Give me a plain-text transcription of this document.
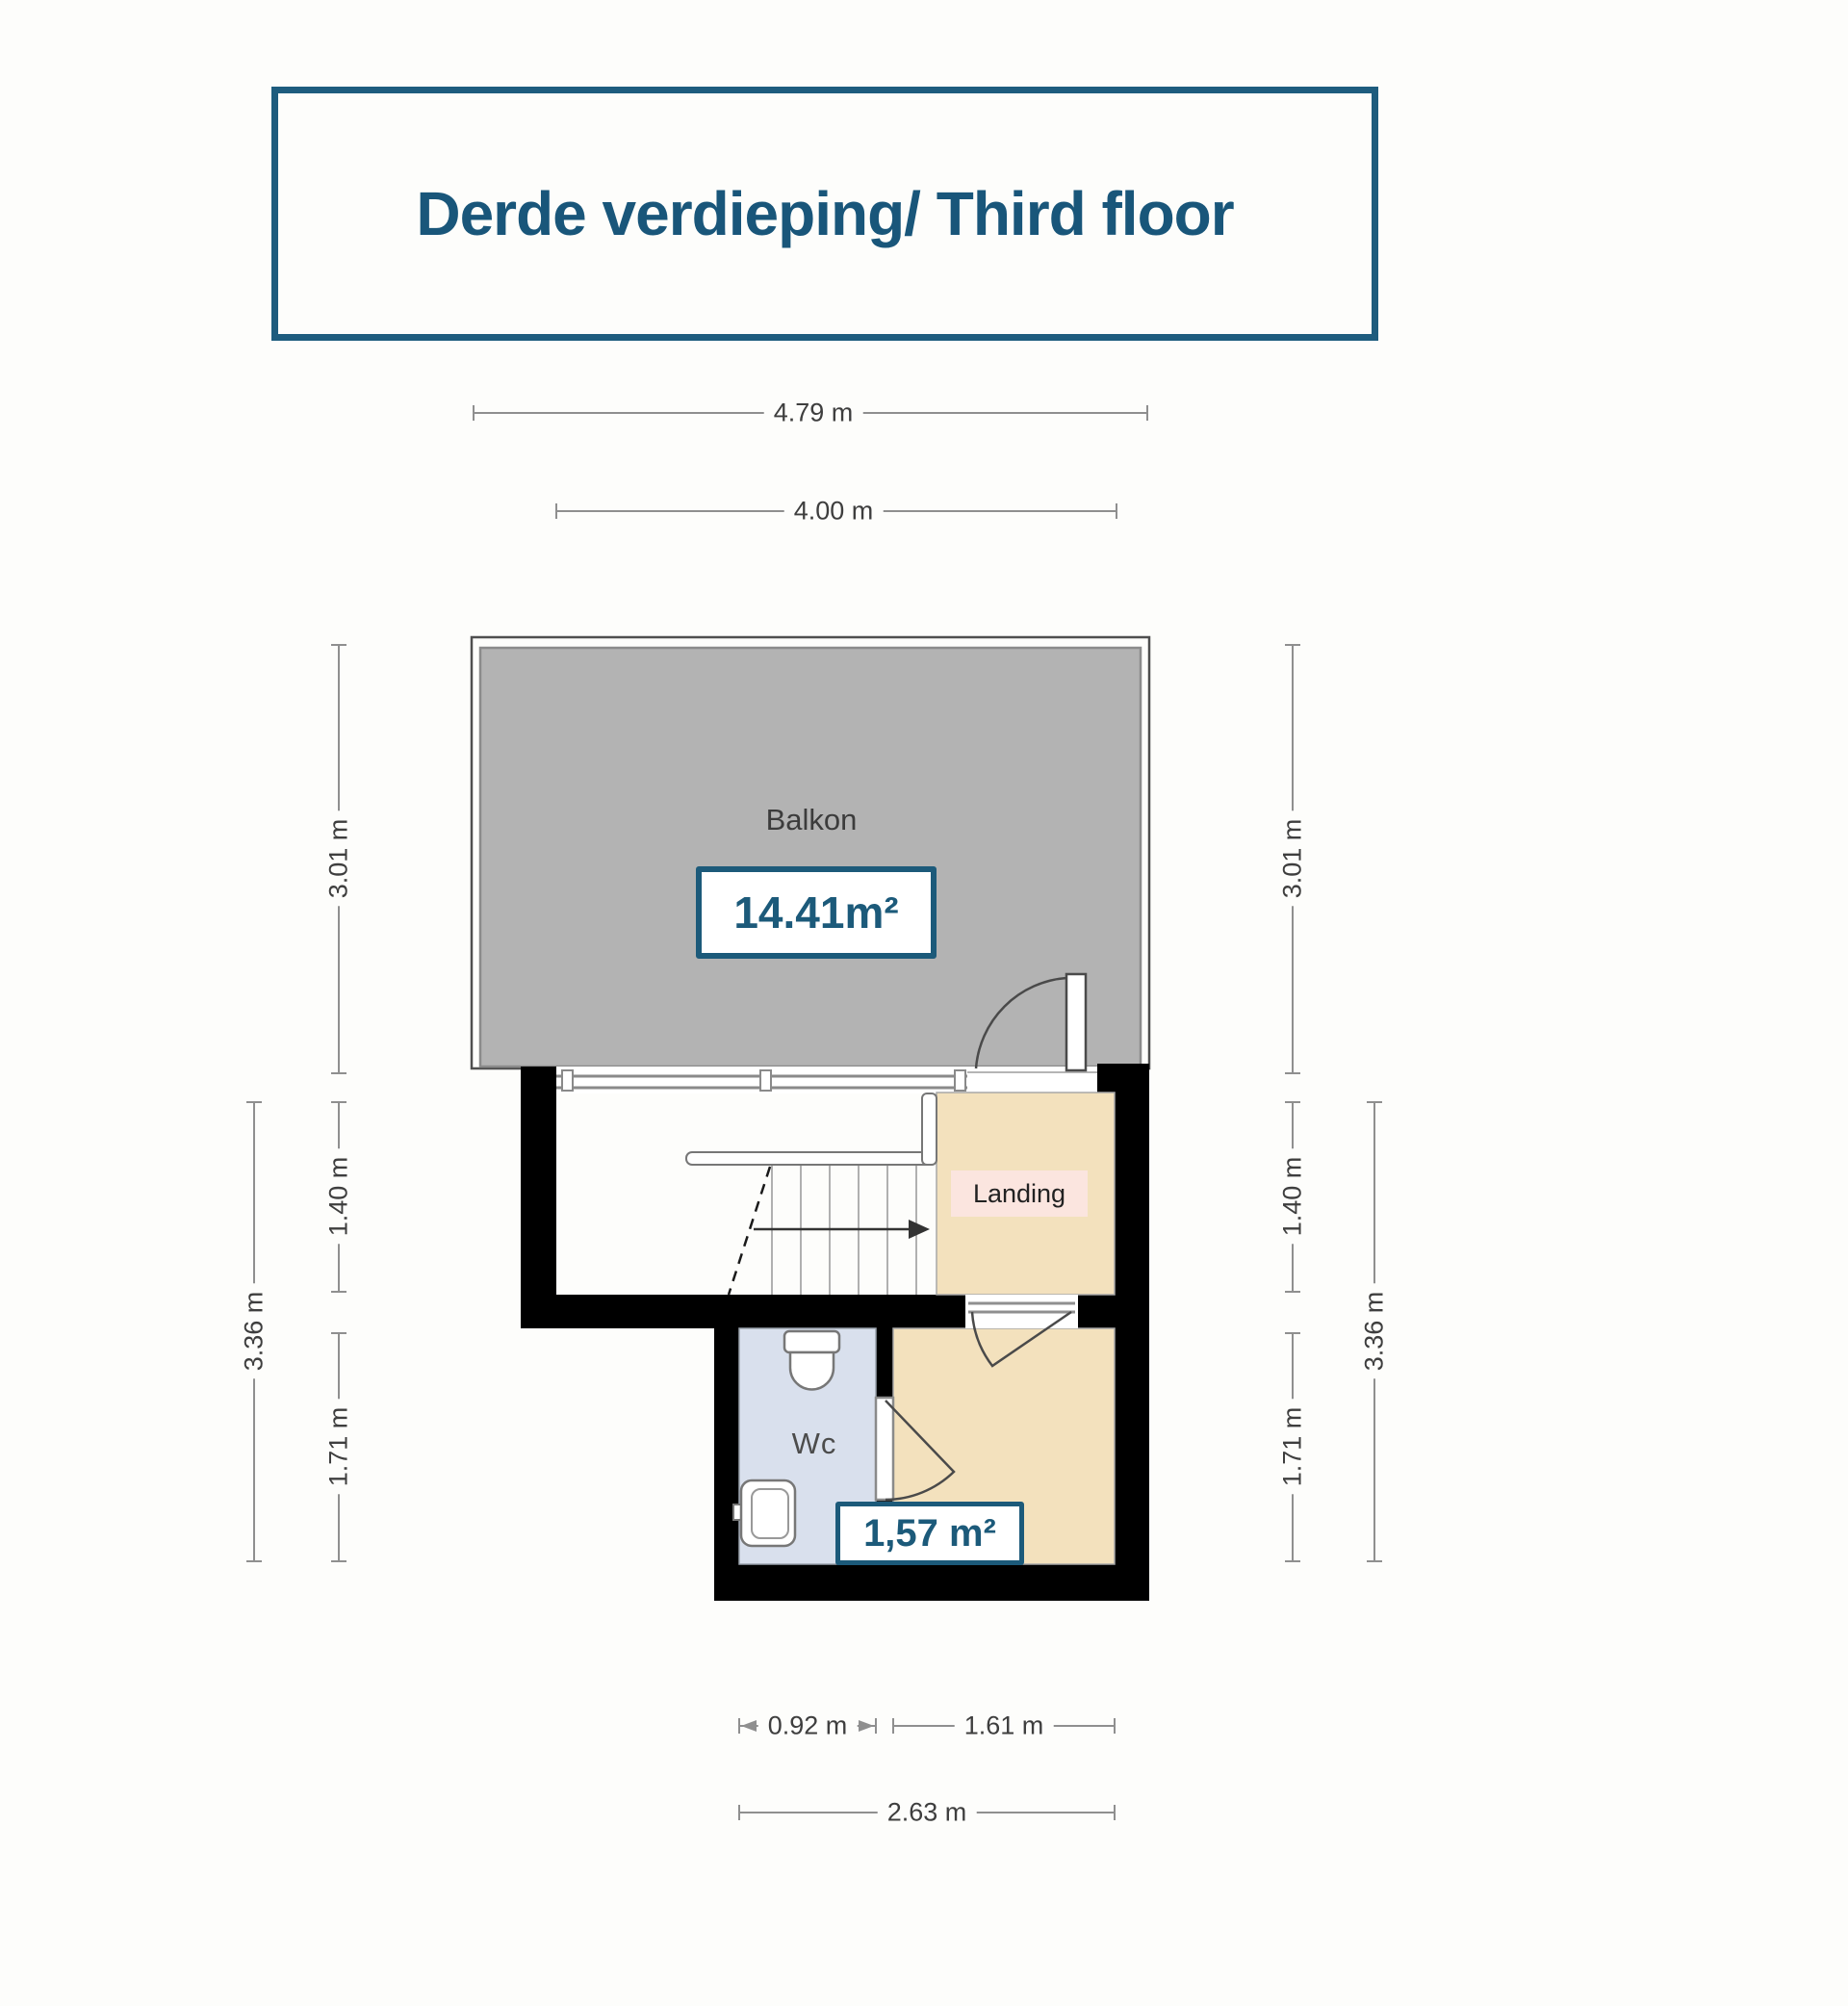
Derde verdieping/ Third floor
4.79 m
4.00 m
0.92 m	1.61 m
2.63 m
3.01 m
1.40 m
1.71 m
3.36 m
3.01 m
1.40 m
1.71 m
3.36 m
Balkon
Landing
Wc
14.41m²
1,57 m²
